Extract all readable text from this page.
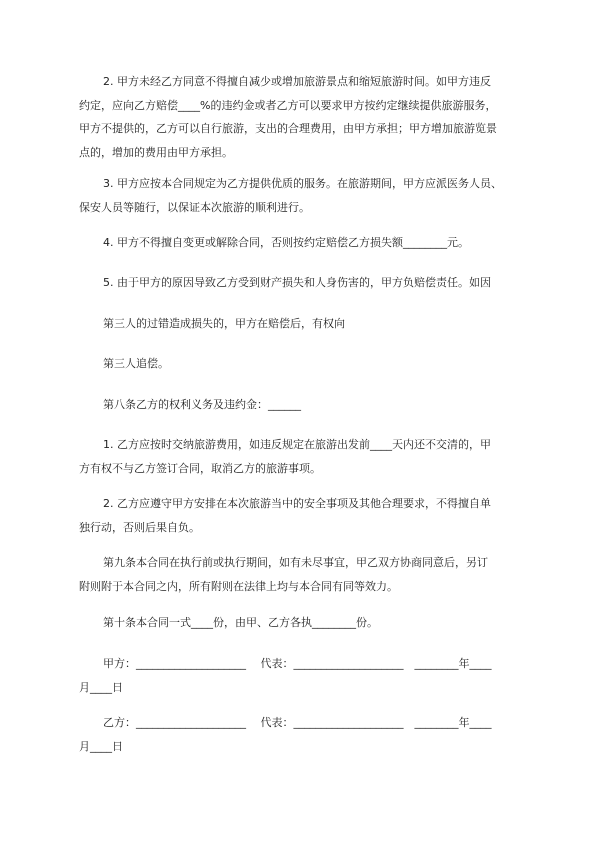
2. 甲方未经乙方同意不得擅自减少或增加旅游景点和缩短旅游时间。如甲方违反
约定，应向乙方赔偿____%的违约金或者乙方可以要求甲方按约定继续提供旅游服务，
甲方不提供的，乙方可以自行旅游，支出的合理费用，由甲方承担；甲方增加旅游览景
点的，增加的费用由甲方承担。
3. 甲方应按本合同规定为乙方提供优质的服务。在旅游期间，甲方应派医务人员、
保安人员等随行，以保证本次旅游的顺利进行。
4. 甲方不得擅自变更或解除合同，否则按约定赔偿乙方损失额________元。
5. 由于甲方的原因导致乙方受到财产损失和人身伤害的，甲方负赔偿责任。如因
第三人的过错造成损失的，甲方在赔偿后，有权向
第三人追偿。
第八条乙方的权利义务及违约金：______
1. 乙方应按时交纳旅游费用，如违反规定在旅游出发前____天内还不交清的，甲
方有权不与乙方签订合同，取消乙方的旅游事项。
2. 乙方应遵守甲方安排在本次旅游当中的安全事项及其他合理要求，不得擅自单
独行动，否则后果自负。
第九条本合同在执行前或执行期间，如有未尽事宜，甲乙双方协商同意后，另订
附则附于本合同之内，所有附则在法律上均与本合同有同等效力。
第十条本合同一式____份，由甲、乙方各执________份。
甲方：____________________　 代表：____________________　________年____
月____日
乙方：____________________　 代表：____________________　________年____
月____日
